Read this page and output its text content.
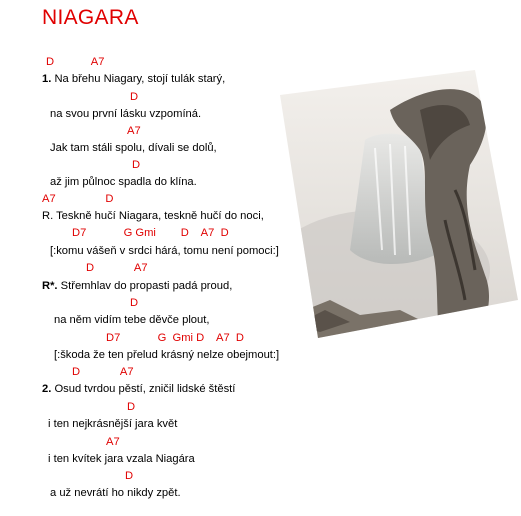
NIAGARA
D            A7
1. Na břehu Niagary, stojí tulák starý,
D
na svou první lásku vzpomíná.
A7
Jak tam stáli spolu, dívali se dolů,
D
až jim půlnoc spadla do klína.
A7                D
R. Teskně hučí Niagara, teskně hučí do noci,
D7            G Gmi        D    A7  D
[:komu vášeň v srdci hárá, tomu není pomoci:]
D             A7
R*. Střemhlav do propasti padá proud,
D
na něm vidím tebe děvče plout,
D7            G  Gmi D    A7  D
[:škoda že ten přelud krásný nelze obejmout:]
D             A7
2. Osud tvrdou pěstí, zničil lidské štěstí
D
i ten nejkrásnější jara květ
A7
i ten kvítek jara vzala Niagára
D
a už nevrátí ho nikdy zpět.
